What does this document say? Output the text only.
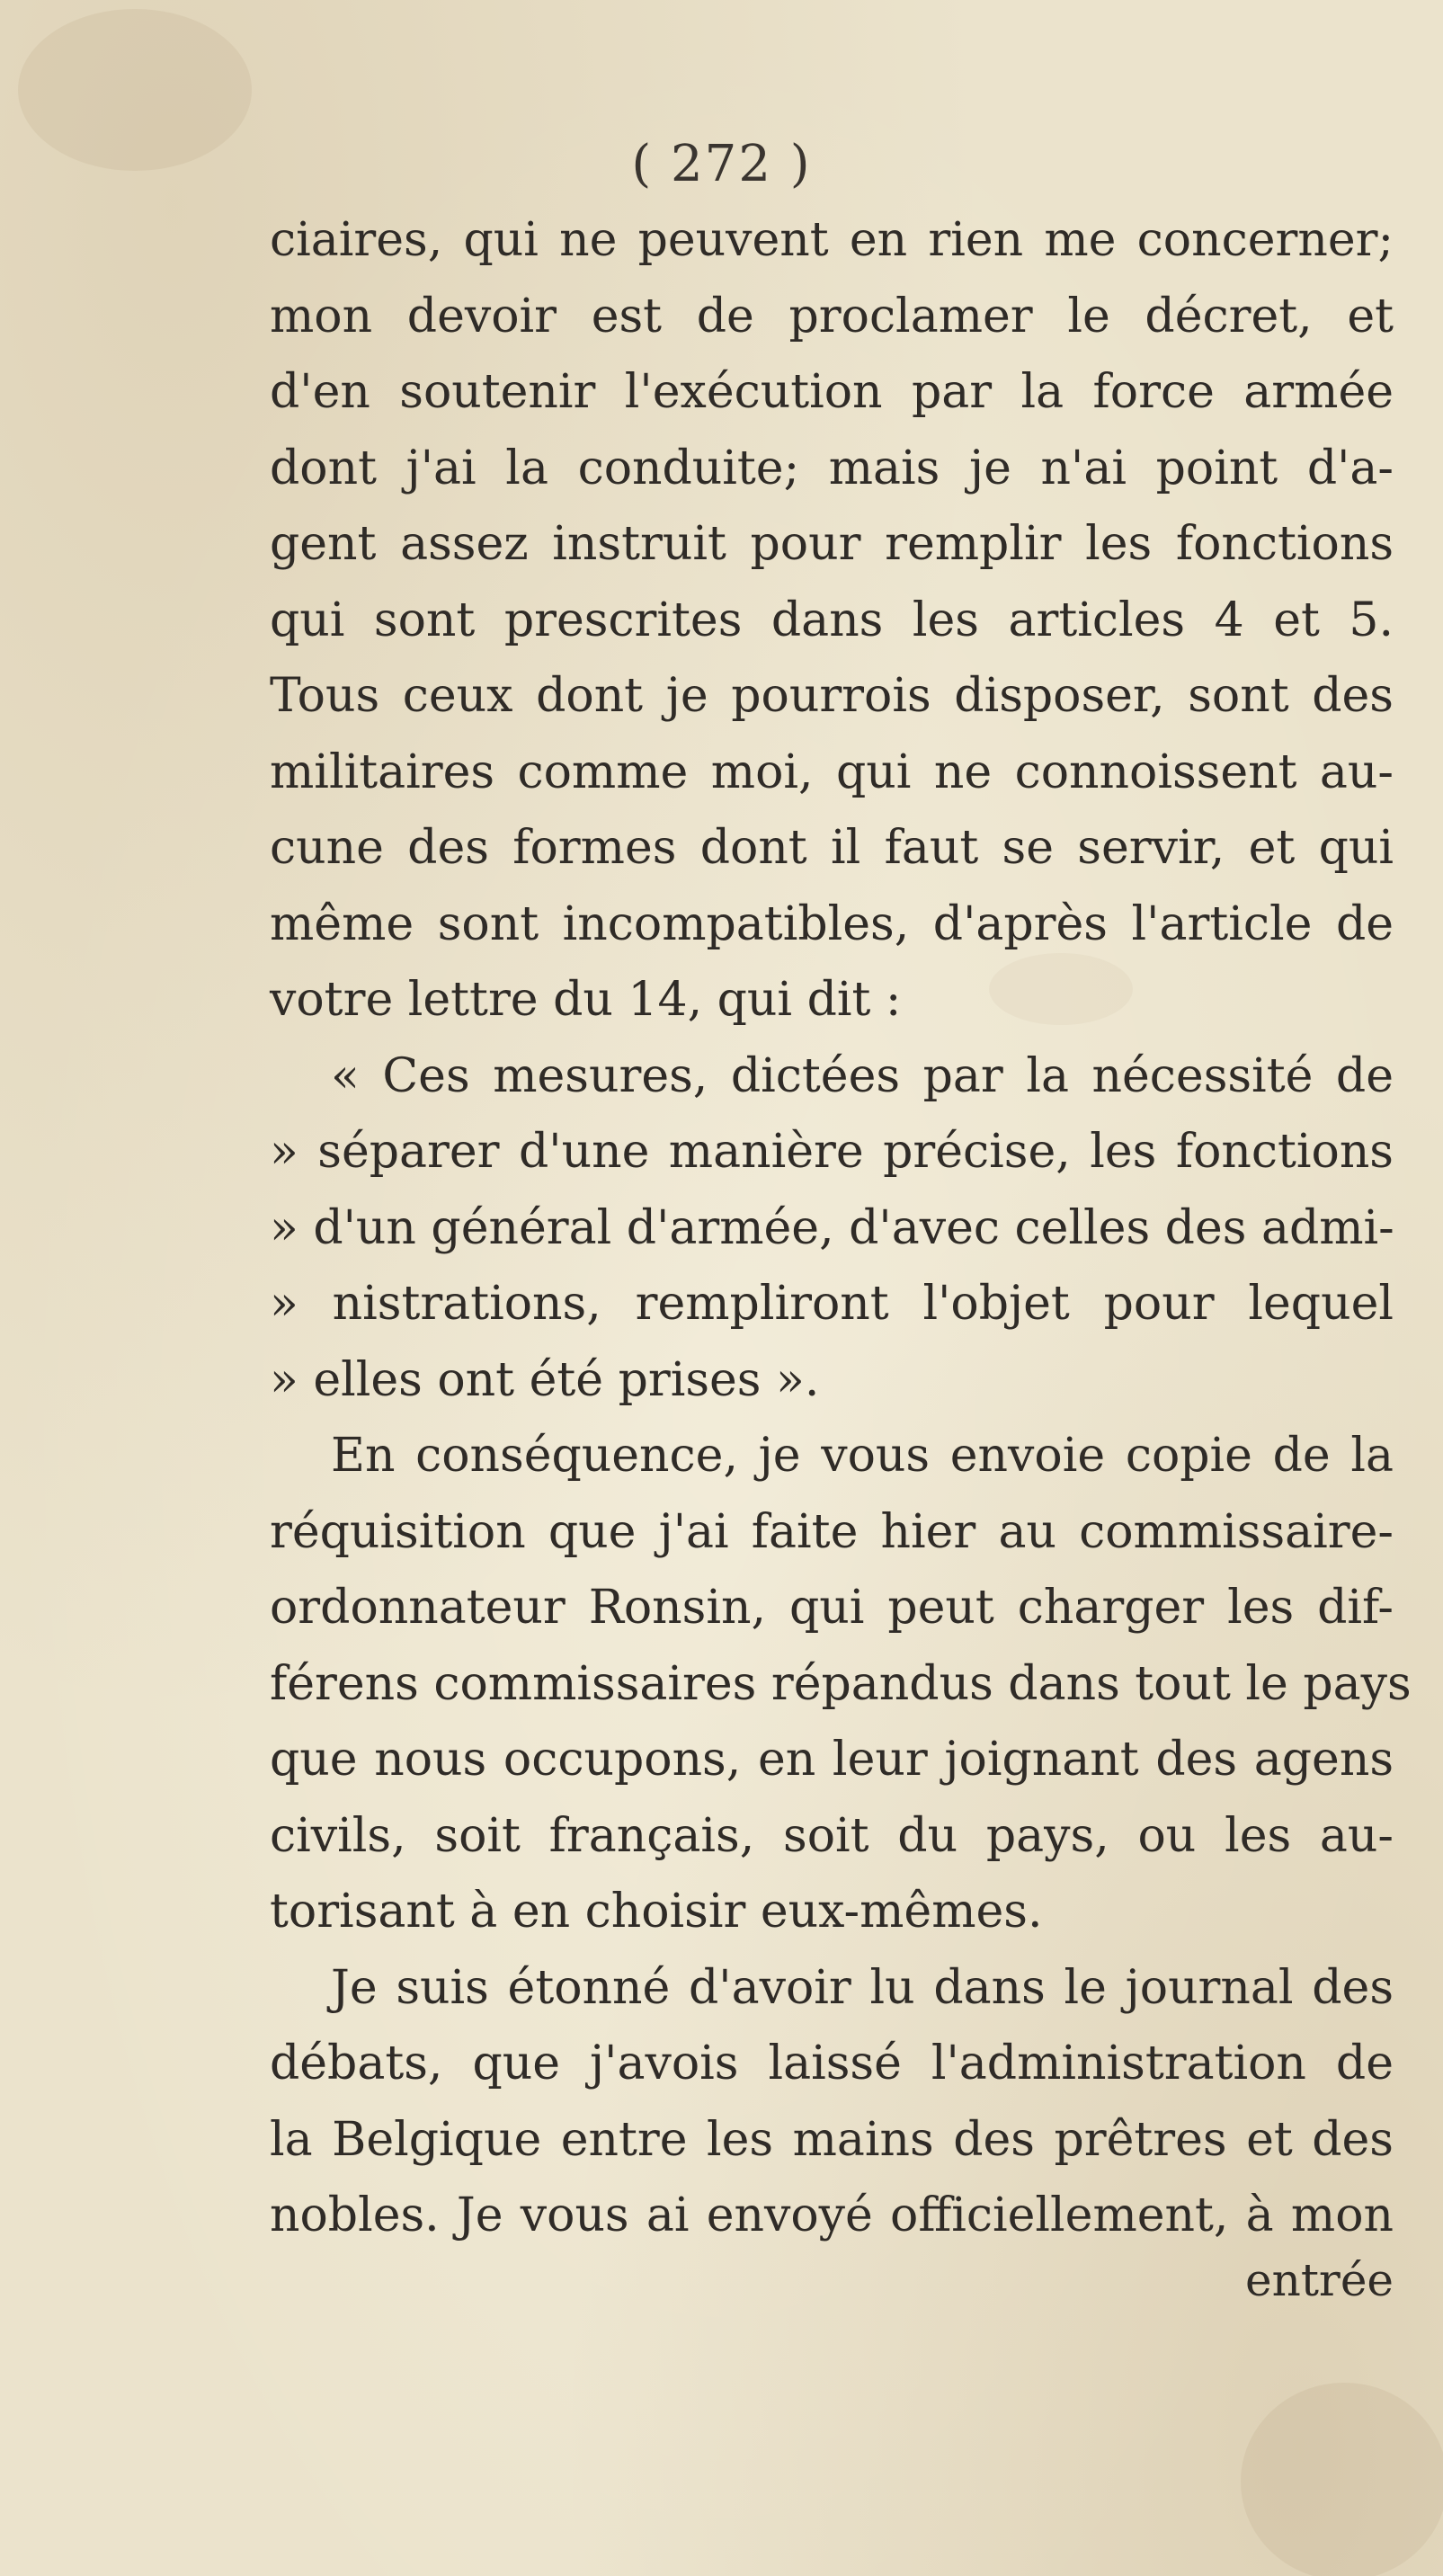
( 272 )
ciaires, qui ne peuvent en rien me concerner;
mon devoir est de proclamer le décret, et
d'en soutenir l'exécution par la force armée
dont j'ai la conduite; mais je n'ai point d'a-
gent assez instruit pour remplir les fonctions
qui sont prescrites dans les articles 4 et 5.
Tous ceux dont je pourrois disposer, sont des
militaires comme moi, qui ne connoissent au-
cune des formes dont il faut se servir, et qui
même sont incompatibles, d'après l'article de
votre lettre du 14, qui dit :
« Ces mesures, dictées par la nécessité de
» séparer d'une manière précise, les fonctions
» d'un général d'armée, d'avec celles des admi-
» nistrations, rempliront l'objet pour lequel
» elles ont été prises ».
En conséquence, je vous envoie copie de la
réquisition que j'ai faite hier au commissaire-
ordonnateur Ronsin, qui peut charger les dif-
férens commissaires répandus dans tout le pays
que nous occupons, en leur joignant des agens
civils, soit français, soit du pays, ou les au-
torisant à en choisir eux-mêmes.
Je suis étonné d'avoir lu dans le journal des
débats, que j'avois laissé l'administration de
la Belgique entre les mains des prêtres et des
nobles. Je vous ai envoyé officiellement, à mon
entrée
